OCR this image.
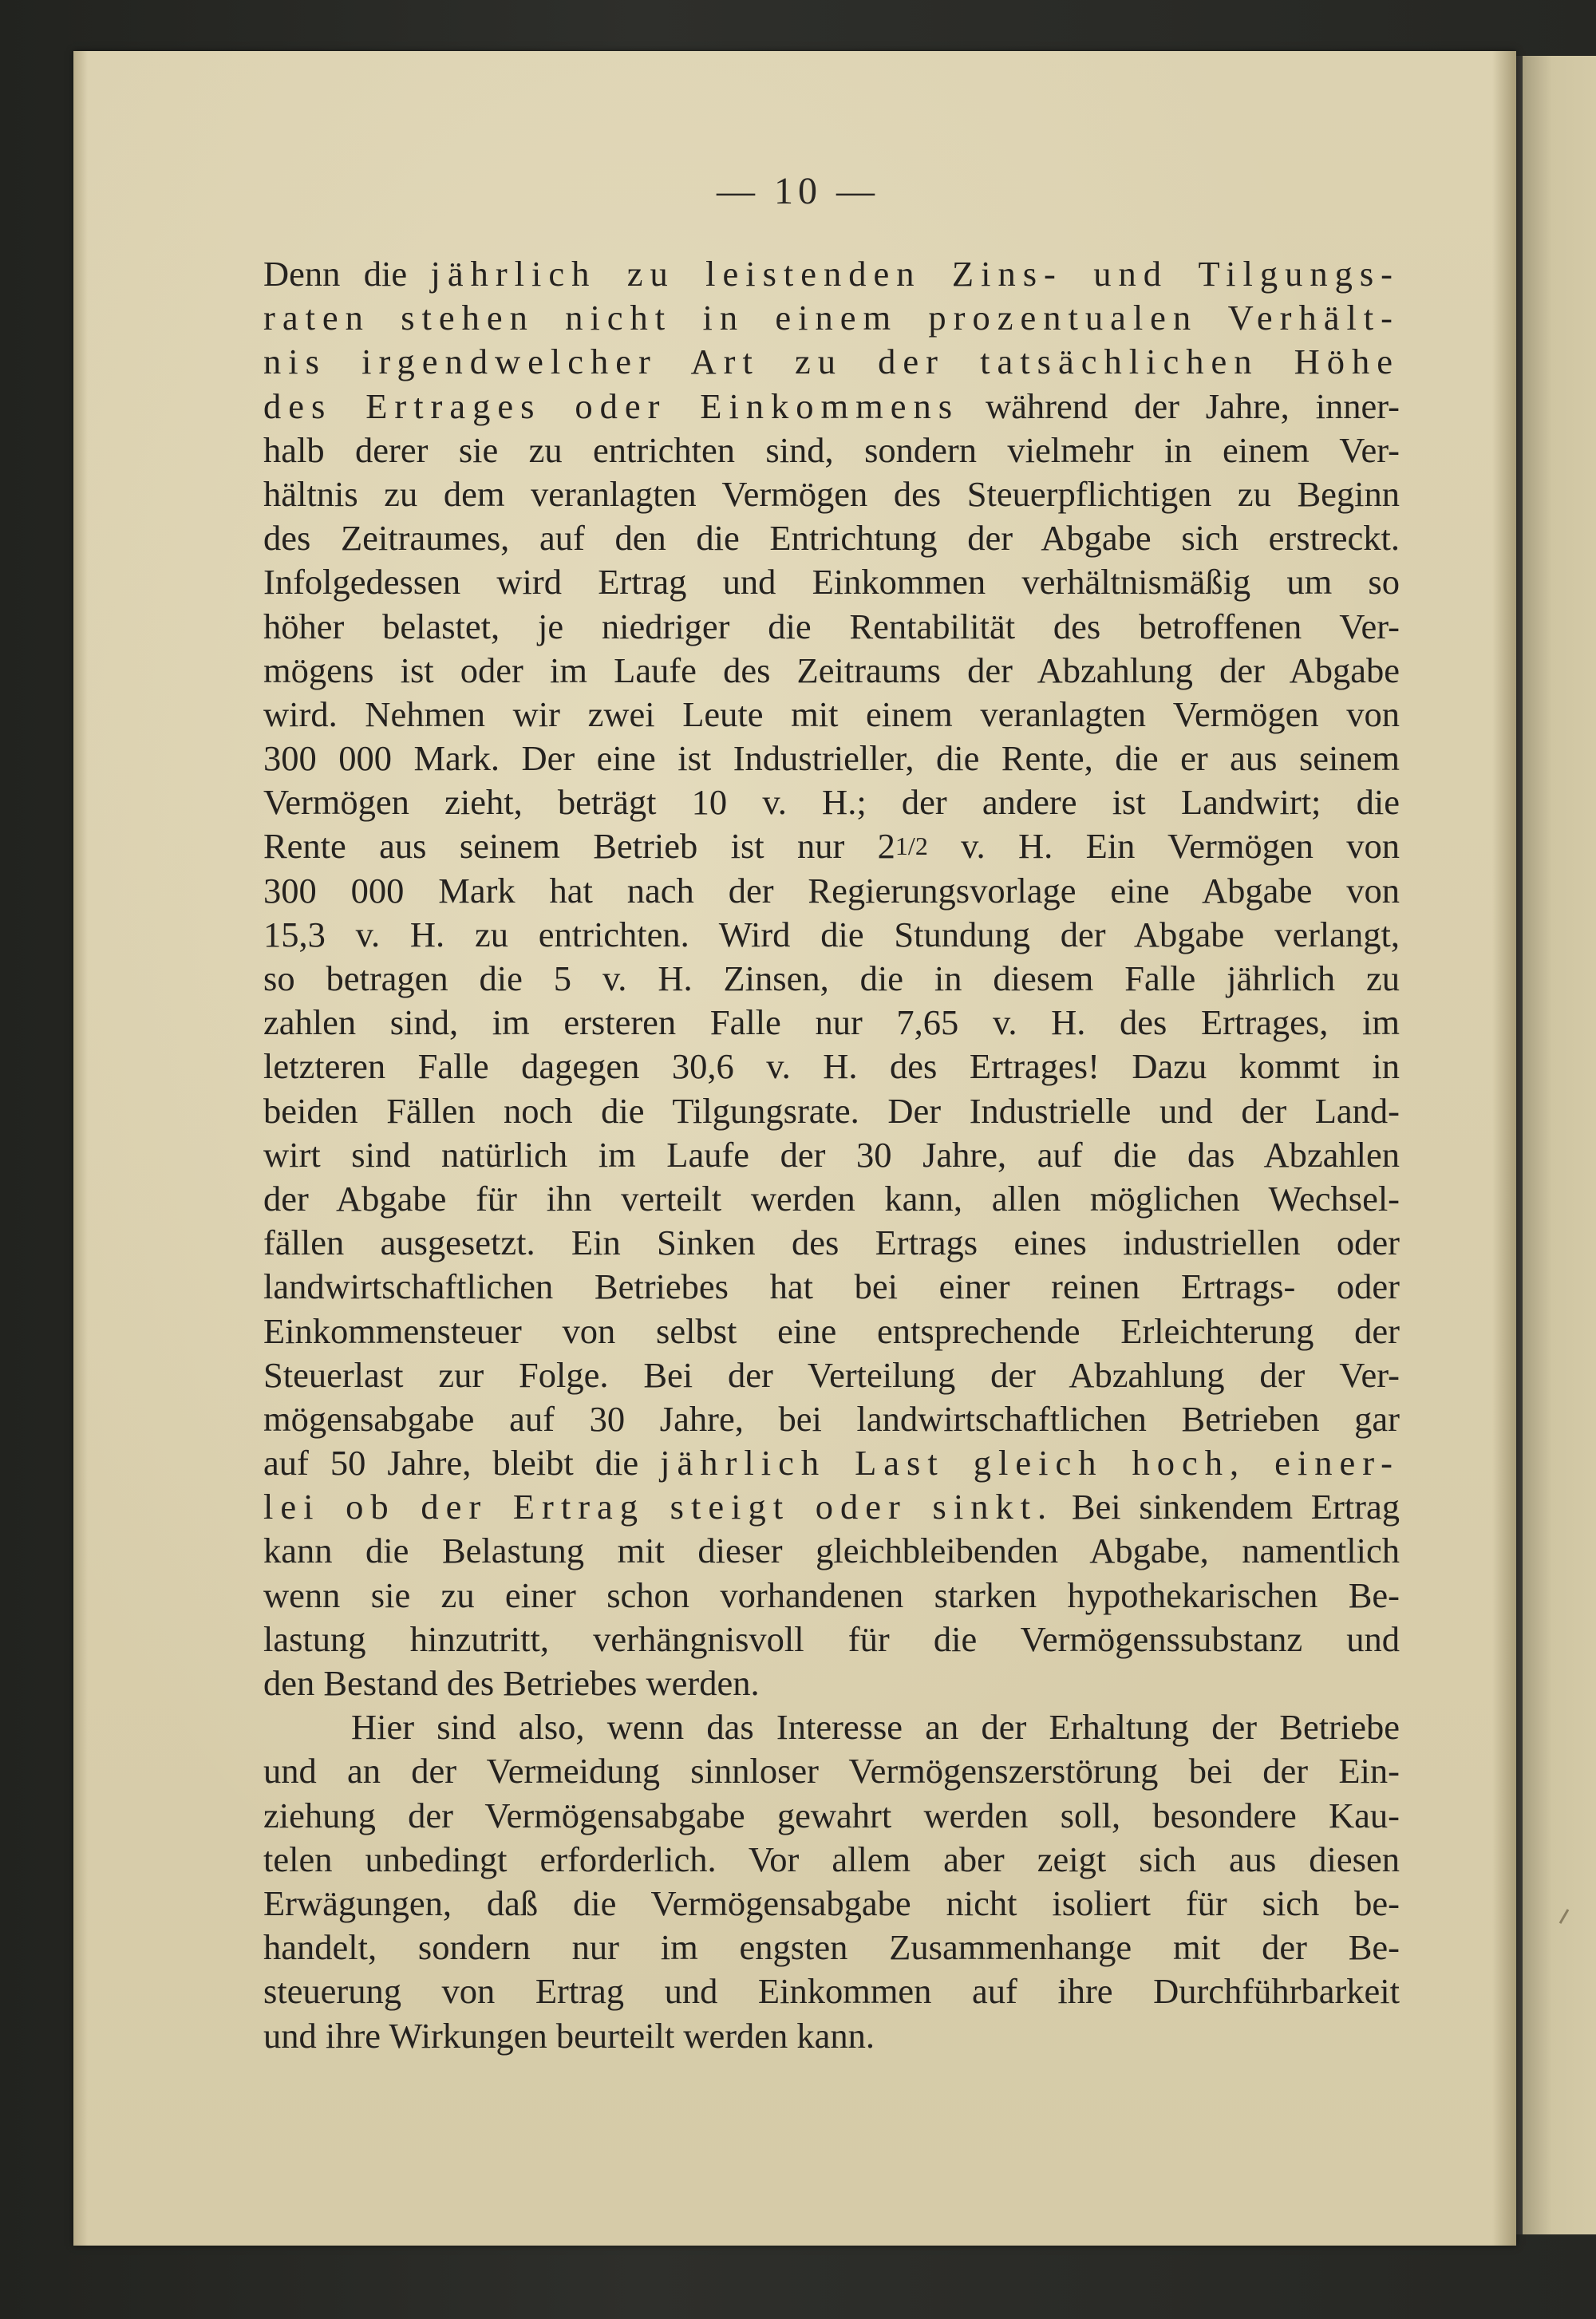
— 10 —
Denn die jährlich zu leistenden Zins- und Tilgungs-
raten stehen nicht in einem prozentualen Verhält-
nis irgendwelcher Art zu der tatsächlichen Höhe
des Ertrages oder Einkommens während der Jahre, inner-
halb derer sie zu entrichten sind, sondern vielmehr in einem Ver-
hältnis zu dem veranlagten Vermögen des Steuerpflichtigen zu Beginn
des Zeitraumes, auf den die Entrichtung der Abgabe sich erstreckt.
Infolgedessen wird Ertrag und Einkommen verhältnismäßig um so
höher belastet, je niedriger die Rentabilität des betroffenen Ver-
mögens ist oder im Laufe des Zeitraums der Abzahlung der Abgabe
wird. Nehmen wir zwei Leute mit einem veranlagten Vermögen von
300 000 Mark. Der eine ist Industrieller, die Rente, die er aus seinem
Vermögen zieht, beträgt 10 v. H.; der andere ist Landwirt; die
Rente aus seinem Betrieb ist nur 21/2 v. H. Ein Vermögen von
300 000 Mark hat nach der Regierungsvorlage eine Abgabe von
15,3 v. H. zu entrichten. Wird die Stundung der Abgabe verlangt,
so betragen die 5 v. H. Zinsen, die in diesem Falle jährlich zu
zahlen sind, im ersteren Falle nur 7,65 v. H. des Ertrages, im
letzteren Falle dagegen 30,6 v. H. des Ertrages! Dazu kommt in
beiden Fällen noch die Tilgungsrate. Der Industrielle und der Land-
wirt sind natürlich im Laufe der 30 Jahre, auf die das Abzahlen
der Abgabe für ihn verteilt werden kann, allen möglichen Wechsel-
fällen ausgesetzt. Ein Sinken des Ertrags eines industriellen oder
landwirtschaftlichen Betriebes hat bei einer reinen Ertrags- oder
Einkommensteuer von selbst eine entsprechende Erleichterung der
Steuerlast zur Folge. Bei der Verteilung der Abzahlung der Ver-
mögensabgabe auf 30 Jahre, bei landwirtschaftlichen Betrieben gar
auf 50 Jahre, bleibt die jährlich Last gleich hoch, einer-
lei ob der Ertrag steigt oder sinkt. Bei sinkendem Ertrag
kann die Belastung mit dieser gleichbleibenden Abgabe, namentlich
wenn sie zu einer schon vorhandenen starken hypothekarischen Be-
lastung hinzutritt, verhängnisvoll für die Vermögenssubstanz und
den Bestand des Betriebes werden.
Hier sind also, wenn das Interesse an der Erhaltung der Betriebe
und an der Vermeidung sinnloser Vermögenszerstörung bei der Ein-
ziehung der Vermögensabgabe gewahrt werden soll, besondere Kau-
telen unbedingt erforderlich. Vor allem aber zeigt sich aus diesen
Erwägungen, daß die Vermögensabgabe nicht isoliert für sich be-
handelt, sondern nur im engsten Zusammenhange mit der Be-
steuerung von Ertrag und Einkommen auf ihre Durchführbarkeit
und ihre Wirkungen beurteilt werden kann.
